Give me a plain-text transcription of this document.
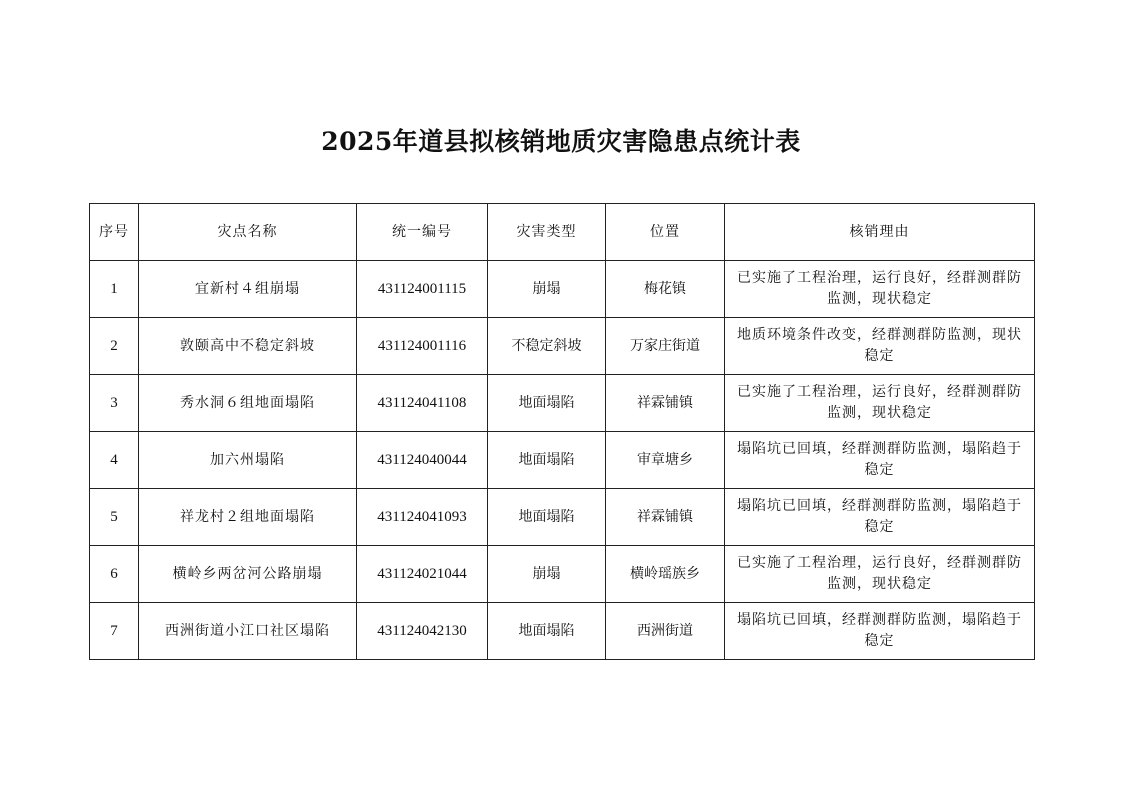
2025年道县拟核销地质灾害隐患点统计表
序号	灾点名称	统一编号	灾害类型	位置	核销理由
1	宜新村４组崩塌	431124001115	崩塌	梅花镇	已实施了工程治理，运行良好，经群测群防监测，现状稳定
2	敦颐高中不稳定斜坡	431124001116	不稳定斜坡	万家庄街道	地质环境条件改变，经群测群防监测，现状稳定
3	秀水洞６组地面塌陷	431124041108	地面塌陷	祥霖铺镇	已实施了工程治理，运行良好，经群测群防监测，现状稳定
4	加六州塌陷	431124040044	地面塌陷	审章塘乡	塌陷坑已回填，经群测群防监测，塌陷趋于稳定
5	祥龙村２组地面塌陷	431124041093	地面塌陷	祥霖铺镇	塌陷坑已回填，经群测群防监测，塌陷趋于 稳定
6	横岭乡两岔河公路崩塌	431124021044	崩塌	横岭瑶族乡	已实施了工程治理，运行良好，经群测群防监测，现状稳定
7	西洲街道小江口社区塌陷	431124042130	地面塌陷	西洲街道	塌陷坑已回填，经群测群防监测，塌陷趋于稳定
